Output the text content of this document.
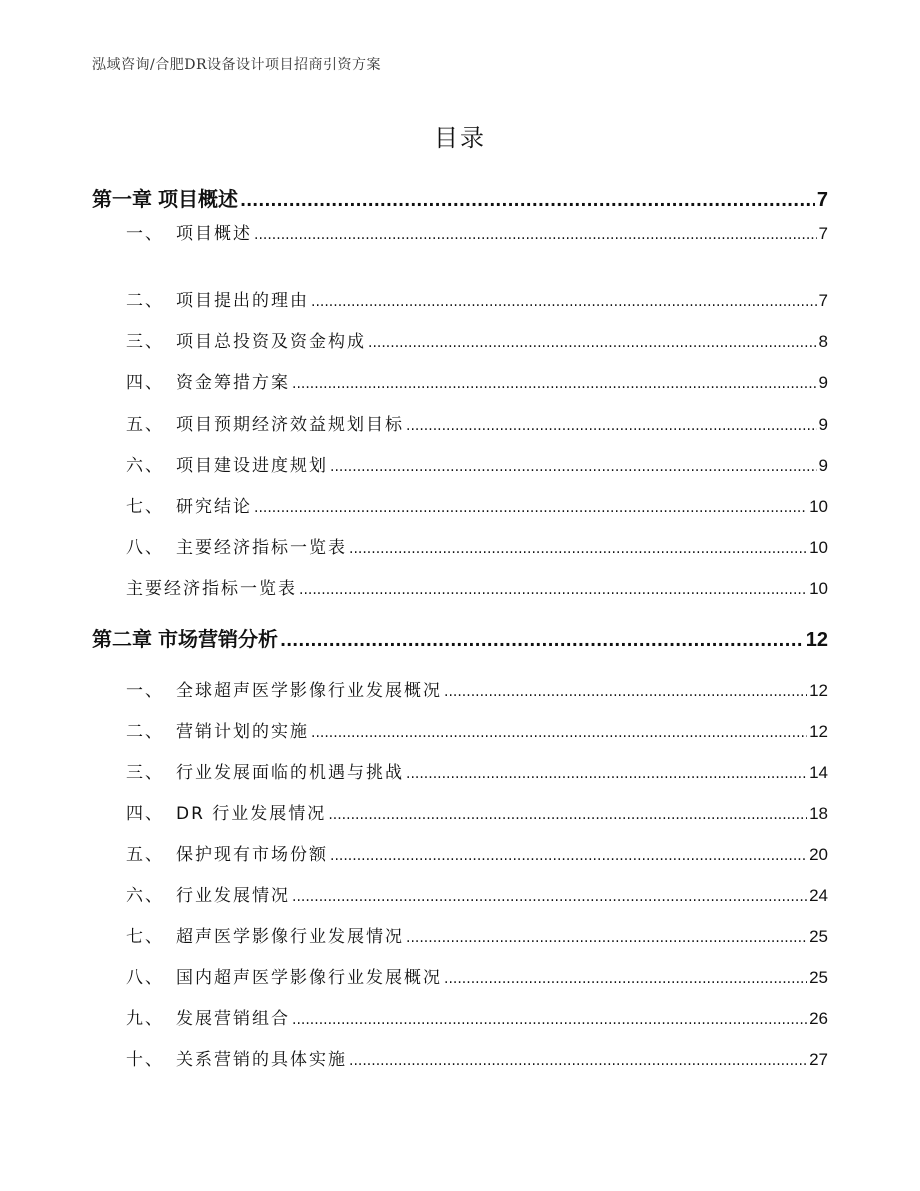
泓域咨询/合肥DR设备设计项目招商引资方案
目录
第一章 项目概述 .....	7
一、 项目概述 .....	7
二、 项目提出的理由 .....	7
三、 项目总投资及资金构成 .....	8
四、 资金筹措方案 .....	9
五、 项目预期经济效益规划目标 .....	9
六、 项目建设进度规划 .....	9
七、 研究结论 .....	10
八、 主要经济指标一览表 .....	10
主要经济指标一览表 .....	10
第二章 市场营销分析 .....	12
一、 全球超声医学影像行业发展概况 .....	12
二、 营销计划的实施 .....	12
三、 行业发展面临的机遇与挑战 .....	14
四、 DR 行业发展情况 .....	18
五、 保护现有市场份额 .....	20
六、 行业发展情况 .....	24
七、 超声医学影像行业发展情况 .....	25
八、 国内超声医学影像行业发展概况 .....	25
九、 发展营销组合 .....	26
十、 关系营销的具体实施 .....	27
